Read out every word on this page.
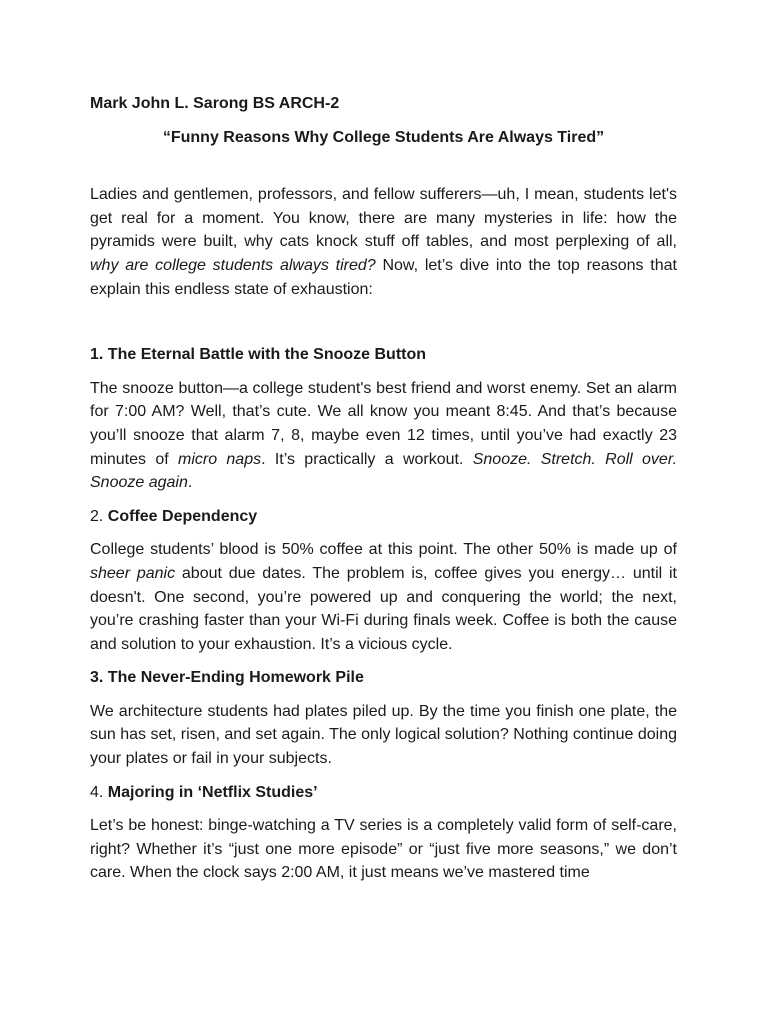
Mark John L. Sarong BS ARCH-2
“Funny Reasons Why College Students Are Always Tired”

Ladies and gentlemen, professors, and fellow sufferers—uh, I mean, students let's get real for a moment. You know, there are many mysteries in life: how the pyramids were built, why cats knock stuff off tables, and most perplexing of all, why are college students always tired? Now, let’s dive into the top reasons that explain this endless state of exhaustion:

1. The Eternal Battle with the Snooze Button

The snooze button—a college student's best friend and worst enemy. Set an alarm for 7:00 AM? Well, that’s cute. We all know you meant 8:45. And that’s because you’ll snooze that alarm 7, 8, maybe even 12 times, until you’ve had exactly 23 minutes of micro naps. It’s practically a workout. Snooze. Stretch. Roll over. Snooze again.

2. Coffee Dependency

College students’ blood is 50% coffee at this point. The other 50% is made up of sheer panic about due dates. The problem is, coffee gives you energy… until it doesn't. One second, you’re powered up and conquering the world; the next, you’re crashing faster than your Wi-Fi during finals week. Coffee is both the cause and solution to your exhaustion. It’s a vicious cycle.

3. The Never-Ending Homework Pile

We architecture students had plates piled up. By the time you finish one plate, the sun has set, risen, and set again. The only logical solution? Nothing continue doing your plates or fail in your subjects.

4. Majoring in ‘Netflix Studies’

Let’s be honest: binge-watching a TV series is a completely valid form of self-care, right? Whether it’s “just one more episode” or “just five more seasons,” we don’t care. When the clock says 2:00 AM, it just means we’ve mastered time
